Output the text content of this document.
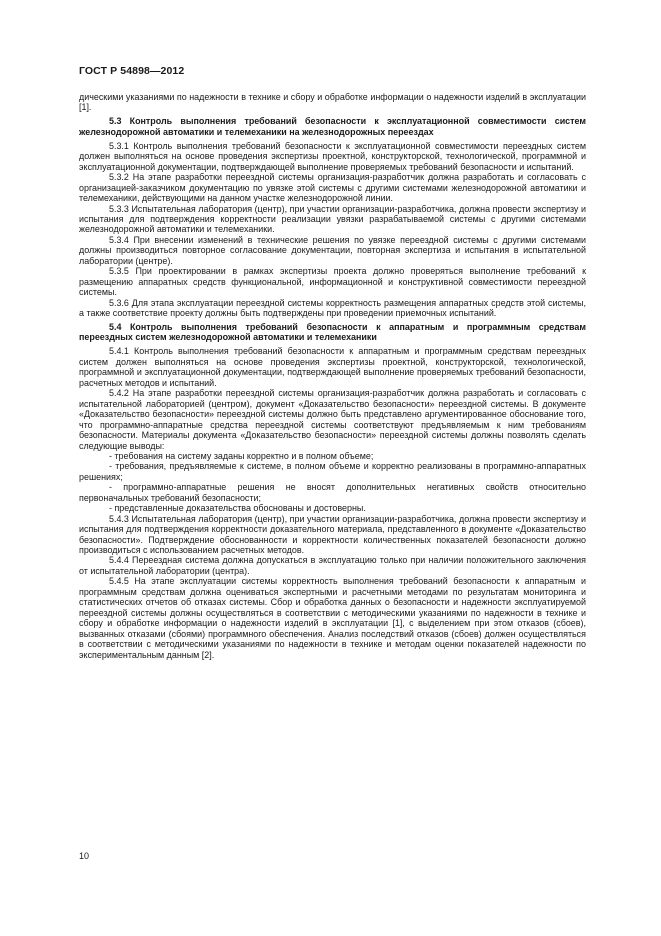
ГОСТ Р 54898—2012

дическими указаниями по надежности в технике и сбору и обработке информации о надежности изделий в эксплуатации [1].

5.3 Контроль выполнения требований безопасности к эксплуатационной совместимости систем железнодорожной автоматики и телемеханики на железнодорожных переездах

5.3.1 Контроль выполнения требований безопасности к эксплуатационной совместимости переездных систем должен выполняться на основе проведения экспертизы проектной, конструкторской, технологической, программной и эксплуатационной документации, подтверждающей выполнение проверяемых требований безопасности и испытаний.

5.3.2 На этапе разработки переездной системы организация-разработчик должна разработать и согласовать с организацией-заказчиком документацию по увязке этой системы с другими системами железнодорожной автоматики и телемеханики, действующими на данном участке железнодорожной линии.

5.3.3 Испытательная лаборатория (центр), при участии организации-разработчика, должна провести экспертизу и испытания для подтверждения корректности реализации увязки разрабатываемой системы с другими системами железнодорожной автоматики и телемеханики.

5.3.4 При внесении изменений в технические решения по увязке переездной системы с другими системами должны производиться повторное согласование документации, повторная экспертиза и испытания в испытательной лаборатории (центре).

5.3.5 При проектировании в рамках экспертизы проекта должно проверяться выполнение требований к размещению аппаратных средств функциональной, информационной и конструктивной совместимости переездной системы.

5.3.6 Для этапа эксплуатации переездной системы корректность размещения аппаратных средств этой системы, а также соответствие проекту должны быть подтверждены при проведении приемочных испытаний.

5.4 Контроль выполнения требований безопасности к аппаратным и программным средствам переездных систем железнодорожной автоматики и телемеханики

5.4.1 Контроль выполнения требований безопасности к аппаратным и программным средствам переездных систем должен выполняться на основе проведения экспертизы проектной, конструкторской, технологической, программной и эксплуатационной документации, подтверждающей выполнение проверяемых требований безопасности, расчетных методов и испытаний.

5.4.2 На этапе разработки переездной системы организация-разработчик должна разработать и согласовать с испытательной лабораторией (центром), документ «Доказательство безопасности» переездной системы. В документе «Доказательство безопасности» переездной системы должно быть представлено аргументированное обоснование того, что программно-аппаратные средства переездной системы соответствуют предъявляемым к ним требованиям безопасности. Материалы документа «Доказательство безопасности» переездной системы должны позволять сделать следующие выводы:

- требования на систему заданы корректно и в полном объеме;

- требования, предъявляемые к системе, в полном объеме и корректно реализованы в программно-аппаратных решениях;

- программно-аппаратные решения не вносят дополнительных негативных свойств относительно первоначальных требований безопасности;

- представленные доказательства обоснованы и достоверны.

5.4.3 Испытательная лаборатория (центр), при участии организации-разработчика, должна провести экспертизу и испытания для подтверждения корректности доказательного материала, представленного в документе «Доказательство безопасности». Подтверждение обоснованности и корректности количественных показателей безопасности должно производиться с использованием расчетных методов.

5.4.4 Переездная система должна допускаться в эксплуатацию только при наличии положительного заключения от испытательной лаборатории (центра).

5.4.5 На этапе эксплуатации системы корректность выполнения требований безопасности к аппаратным и программным средствам должна оцениваться экспертными и расчетными методами по результатам мониторинга и статистических отчетов об отказах системы. Сбор и обработка данных о безопасности и надежности эксплуатируемой переездной системы должны осуществляться в соответствии с методическими указаниями по надежности в технике и сбору и обработке информации о надежности изделий в эксплуатации [1], с выделением при этом отказов (сбоев), вызванных отказами (сбоями) программного обеспечения. Анализ последствий отказов (сбоев) должен осуществляться в соответствии с методическими указаниями по надежности в технике и методам оценки показателей надежности по экспериментальным данным [2].

10
